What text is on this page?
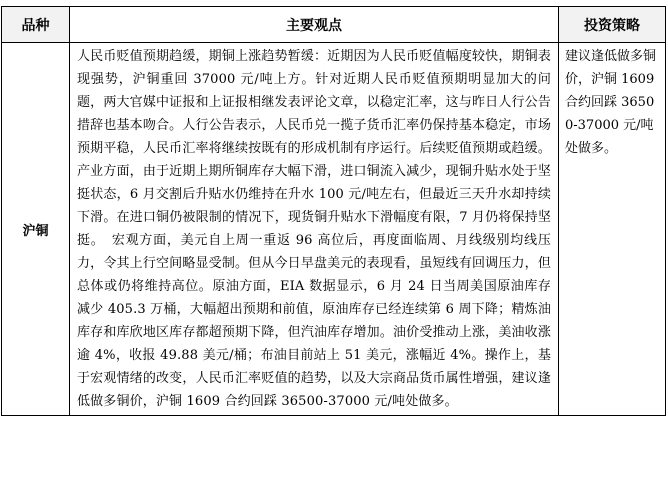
品种	主要观点	投资策略
沪铜	人民币贬值预期趋缓，期铜上涨趋势暂缓：近期因为人民币贬值幅度较快，期铜表现强势，沪铜重回 37000 元/吨上方。针对近期人民币贬值预期明显加大的问题，两大官媒中证报和上证报相继发表评论文章，以稳定汇率，这与昨日人行公告措辞也基本吻合。人行公告表示，人民币兑一揽子货币汇率仍保持基本稳定，市场预期平稳，人民币汇率将继续按既有的形成机制有序运行。后续贬值预期或趋缓。产业方面，由于近期上期所铜库存大幅下滑，进口铜流入减少，现铜升贴水处于坚挺状态，6 月交割后升贴水仍维持在升水 100 元/吨左右，但最近三天升水却持续下滑。在进口铜仍被限制的情况下，现货铜升贴水下滑幅度有限，7 月仍将保持坚挺。　宏观方面，美元自上周一重返 96 高位后，再度面临周、月线级别均线压力，令其上行空间略显受制。但从今日早盘美元的表现看，虽短线有回调压力，但总体或仍将维持高位。原油方面，EIA 数据显示，6 月 24 日当周美国原油库存减少 405.3 万桶，大幅超出预期和前值，原油库存已经连续第 6 周下降；精炼油库存和库欣地区库存都超预期下降，但汽油库存增加。油价受推动上涨，美油收涨逾 4%，收报 49.88 美元/桶；布油目前站上 51 美元，涨幅近 4%。操作上，基于宏观情绪的改变，人民币汇率贬值的趋势，以及大宗商品货币属性增强，建议逢低做多铜价，沪铜 1609 合约回踩 36500-37000 元/吨处做多。	建议逢低做多铜价，沪铜 1609 合约回踩 36500-37000 元/吨处做多。
